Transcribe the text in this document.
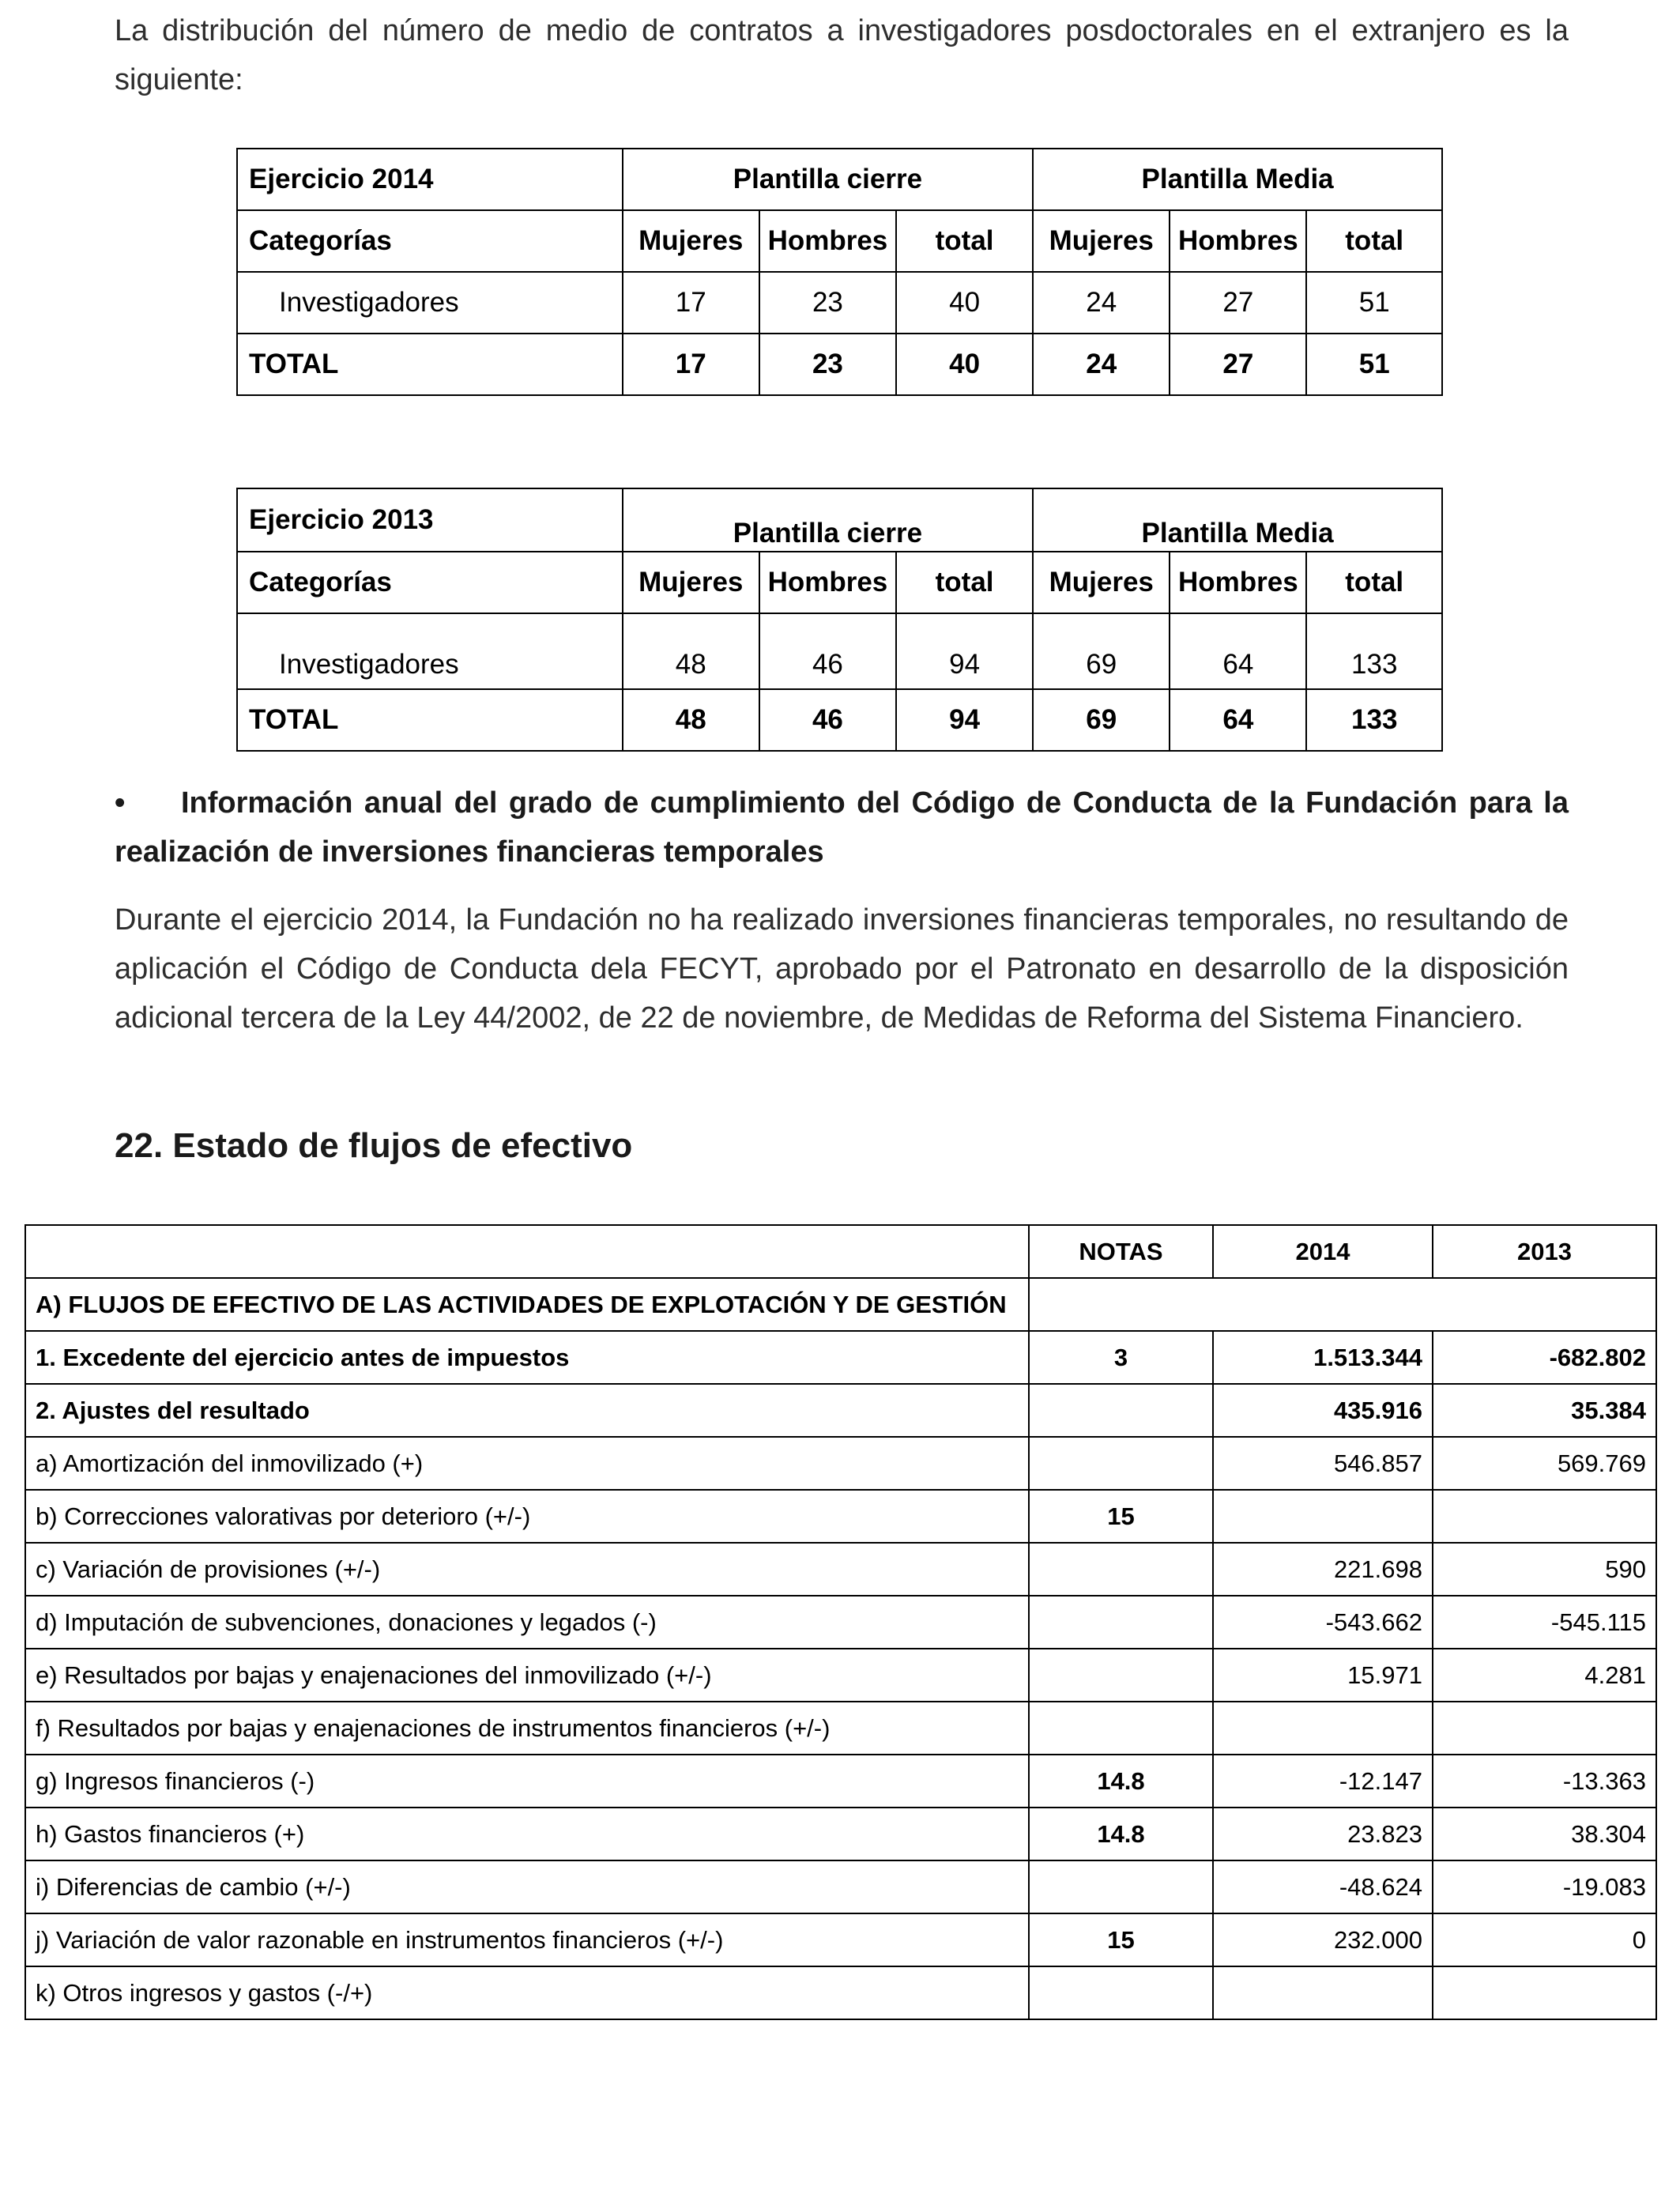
La distribución del número de medio de contratos a investigadores posdoctorales en el extranjero es la siguiente:

Ejercicio 2014	Plantilla cierre			Plantilla Media		
Categorías	Mujeres	Hombres	total	Mujeres	Hombres	total
Investigadores	17	23	40	24	27	51
TOTAL	17	23	40	24	27	51
Ejercicio 2013	Plantilla cierre			Plantilla Media		
Categorías	Mujeres	Hombres	total	Mujeres	Hombres	total
Investigadores	48	46	94	69	64	133
TOTAL	48	46	94	69	64	133

• Información anual del grado de cumplimiento del Código de Conducta de la Fundación para la realización de inversiones financieras temporales

Durante el ejercicio 2014, la Fundación no ha realizado inversiones financieras temporales, no resultando de aplicación el Código de Conducta dela FECYT, aprobado por el Patronato en desarrollo de la disposición adicional tercera de la Ley 44/2002, de 22 de noviembre, de Medidas de Reforma del Sistema Financiero.

22. Estado de flujos de efectivo
	NOTAS	2014	2013
A) FLUJOS DE EFECTIVO DE LAS ACTIVIDADES DE EXPLOTACIÓN Y DE GESTIÓN			
1. Excedente del ejercicio antes de impuestos	3	1.513.344	-682.802
2. Ajustes del resultado		435.916	35.384
a) Amortización del inmovilizado (+)		546.857	569.769
b) Correcciones valorativas por deterioro (+/-)	15		
c) Variación de provisiones (+/-)		221.698	590
d) Imputación de subvenciones, donaciones y legados (-)		-543.662	-545.115
e) Resultados por bajas y enajenaciones del inmovilizado (+/-)		15.971	4.281
f) Resultados por bajas y enajenaciones de instrumentos financieros (+/-)			
g) Ingresos financieros (-)	14.8	-12.147	-13.363
h) Gastos financieros (+)	14.8	23.823	38.304
i) Diferencias de cambio (+/-)		-48.624	-19.083
j) Variación de valor razonable en instrumentos financieros (+/-)	15	232.000	0
k) Otros ingresos y gastos (-/+)			
